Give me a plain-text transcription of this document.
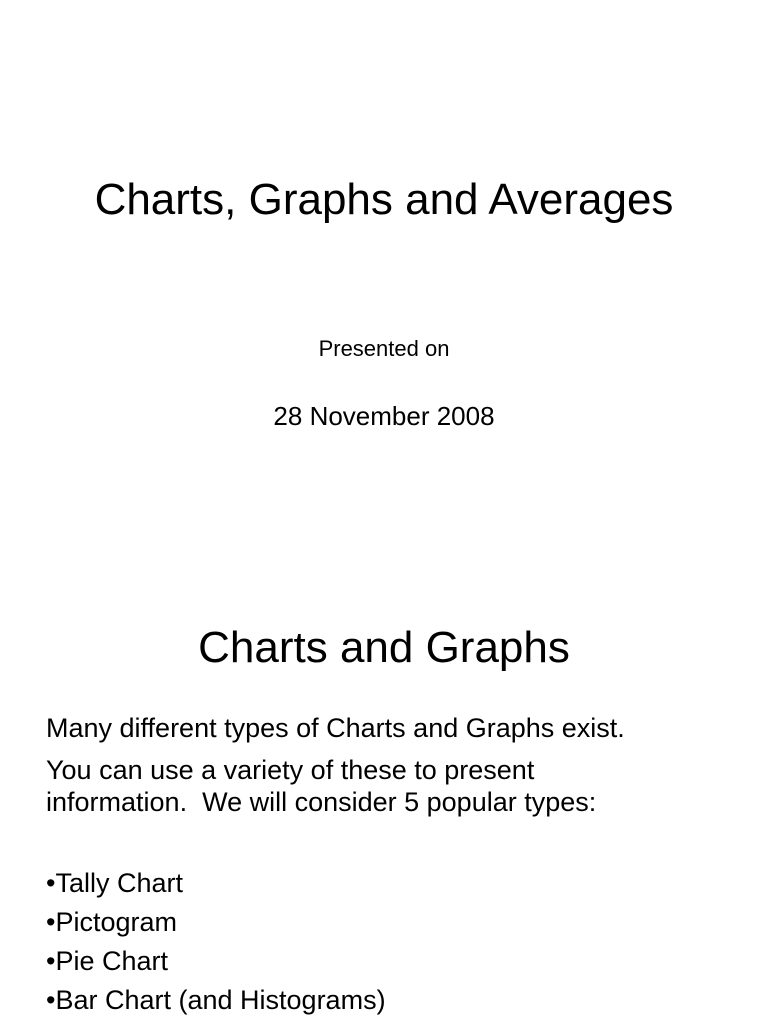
Charts, Graphs and Averages
Presented on
28 November 2008
Charts and Graphs
Many different types of Charts and Graphs exist.
You can use a variety of these to present
information.  We will consider 5 popular types:
•Tally Chart
•Pictogram
•Pie Chart
•Bar Chart (and Histograms)
